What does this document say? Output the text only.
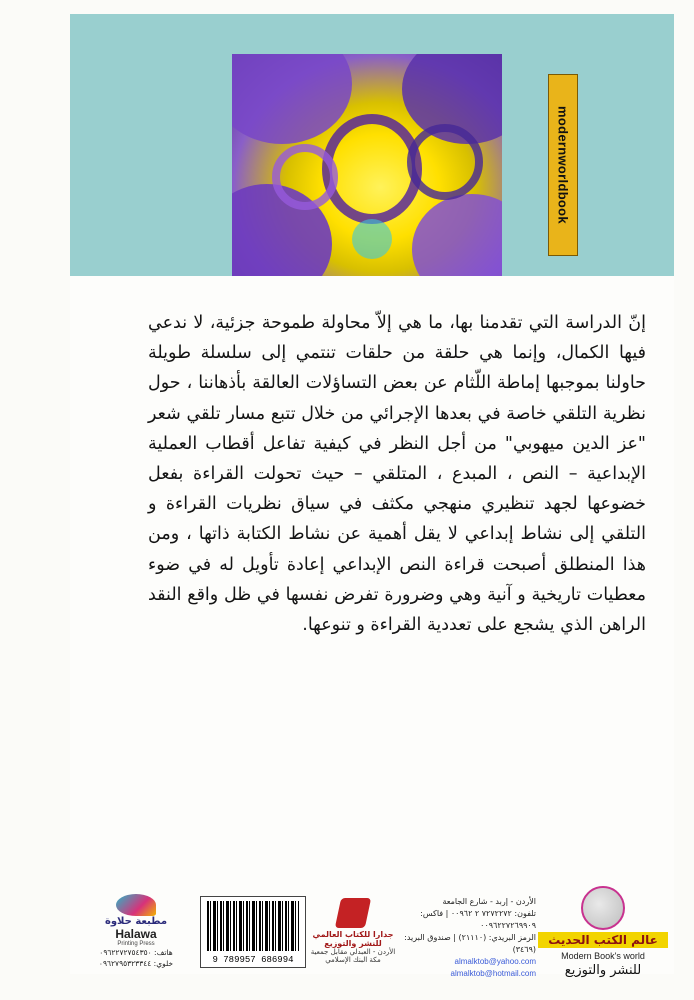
modernworldbook

إنّ الدراسة التي تقدمنا بها، ما هي إلاّ محاولة طموحة جزئية، لا ندعي فيها الكمال، وإنما هي حلقة من حلقات تنتمي إلى سلسلة طويلة حاولنا بموجبها إماطة اللّثام عن بعض التساؤلات العالقة بأذهاننا ، حول نظرية التلقي خاصة في بعدها الإجرائي من خلال تتبع مسار تلقي شعر "عز الدين ميهوبي" من أجل النظر في كيفية تفاعل أقطاب العملية الإبداعية – النص ، المبدع ، المتلقي – حيث تحولت القراءة بفعل خضوعها لجهد تنظيري منهجي مكثف في سياق نظريات القراءة و التلقي إلى نشاط إبداعي لا يقل أهمية عن نشاط الكتابة ذاتها ، ومن هذا المنطلق أصبحت قراءة النص الإبداعي إعادة تأويل له في ضوء معطيات تاريخية و آنية وهي وضرورة تفرض نفسها في ظل واقع النقد الراهن الذي يشجع على تعددية القراءة و تنوعها.

عالم الكتب الحديث
Modern Book's world
للنشر والتوزيع
الأردن - إربد - شارع الجامعة
تلفون: ٧٢٧٢٢٧٢ ٢ ٠٠٩٦٢ | فاكس: ٠٠٩٦٢٢٧٢٦٩٩٠٩
الرمز البريدي: (٢١١١٠) | صندوق البريد: (٣٤٦٩)
almalktob@yahoo.com
almalktob@hotmail.com
جدارا للكتاب العالمي للنشر والتوزيع
الأردن - العبدلي مقابل جمعية مكة البنك الإسلامي
9 789957 686994
مطبعة حلاوة
Halawa
Printing Press
هاتف: ٠٩٦٢٢٧٢٧٥٤٣٥٠
خلوي: ٠٩٦٢٧٩٥٣٢٣٣٤٤
